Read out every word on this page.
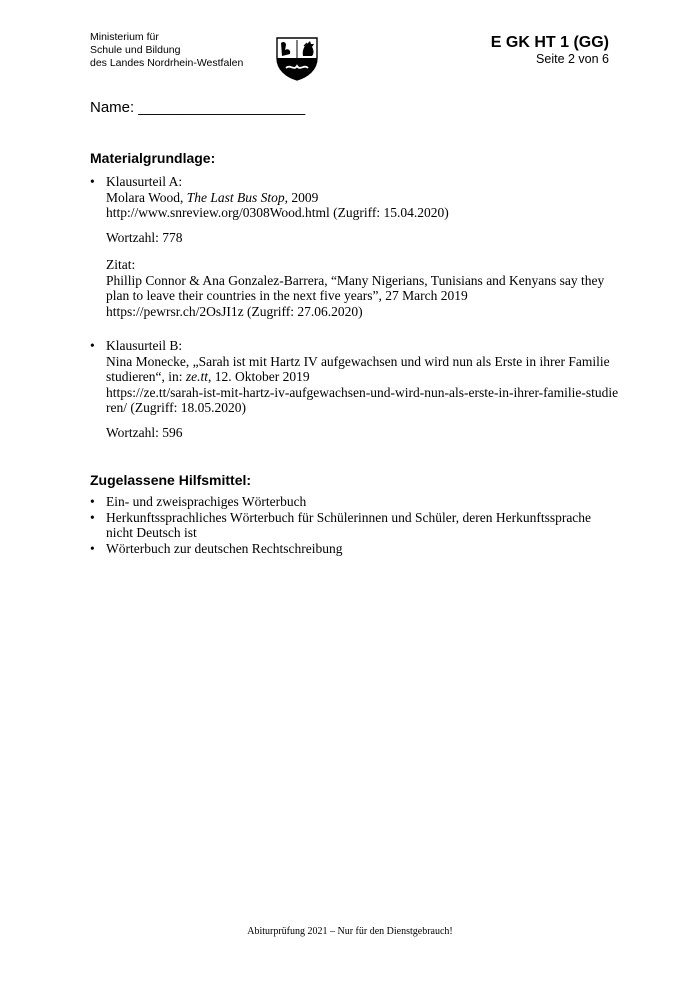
Ministerium für
Schule und Bildung
des Landes Nordrhein-Westfalen
E GK HT 1 (GG)
Seite 2 von 6
Name: ____________________
Materialgrundlage:
• Klausurteil A:
Molara Wood, The Last Bus Stop, 2009
http://www.snreview.org/0308Wood.html (Zugriff: 15.04.2020)
Wortzahl: 778
Zitat:
Phillip Connor & Ana Gonzalez-Barrera, “Many Nigerians, Tunisians and Kenyans say they plan to leave their countries in the next five years”, 27 March 2019
https://pewrsr.ch/2OsJI1z (Zugriff: 27.06.2020)
• Klausurteil B:
Nina Monecke, „Sarah ist mit Hartz IV aufgewachsen und wird nun als Erste in ihrer Familie studieren“, in: ze.tt, 12. Oktober 2019
https://ze.tt/sarah-ist-mit-hartz-iv-aufgewachsen-und-wird-nun-als-erste-in-ihrer-familie-studieren/ (Zugriff: 18.05.2020)
Wortzahl: 596
Zugelassene Hilfsmittel:
• Ein- und zweisprachiges Wörterbuch
• Herkunftssprachliches Wörterbuch für Schülerinnen und Schüler, deren Herkunftssprache nicht Deutsch ist
• Wörterbuch zur deutschen Rechtschreibung
Abiturprüfung 2021 – Nur für den Dienstgebrauch!
